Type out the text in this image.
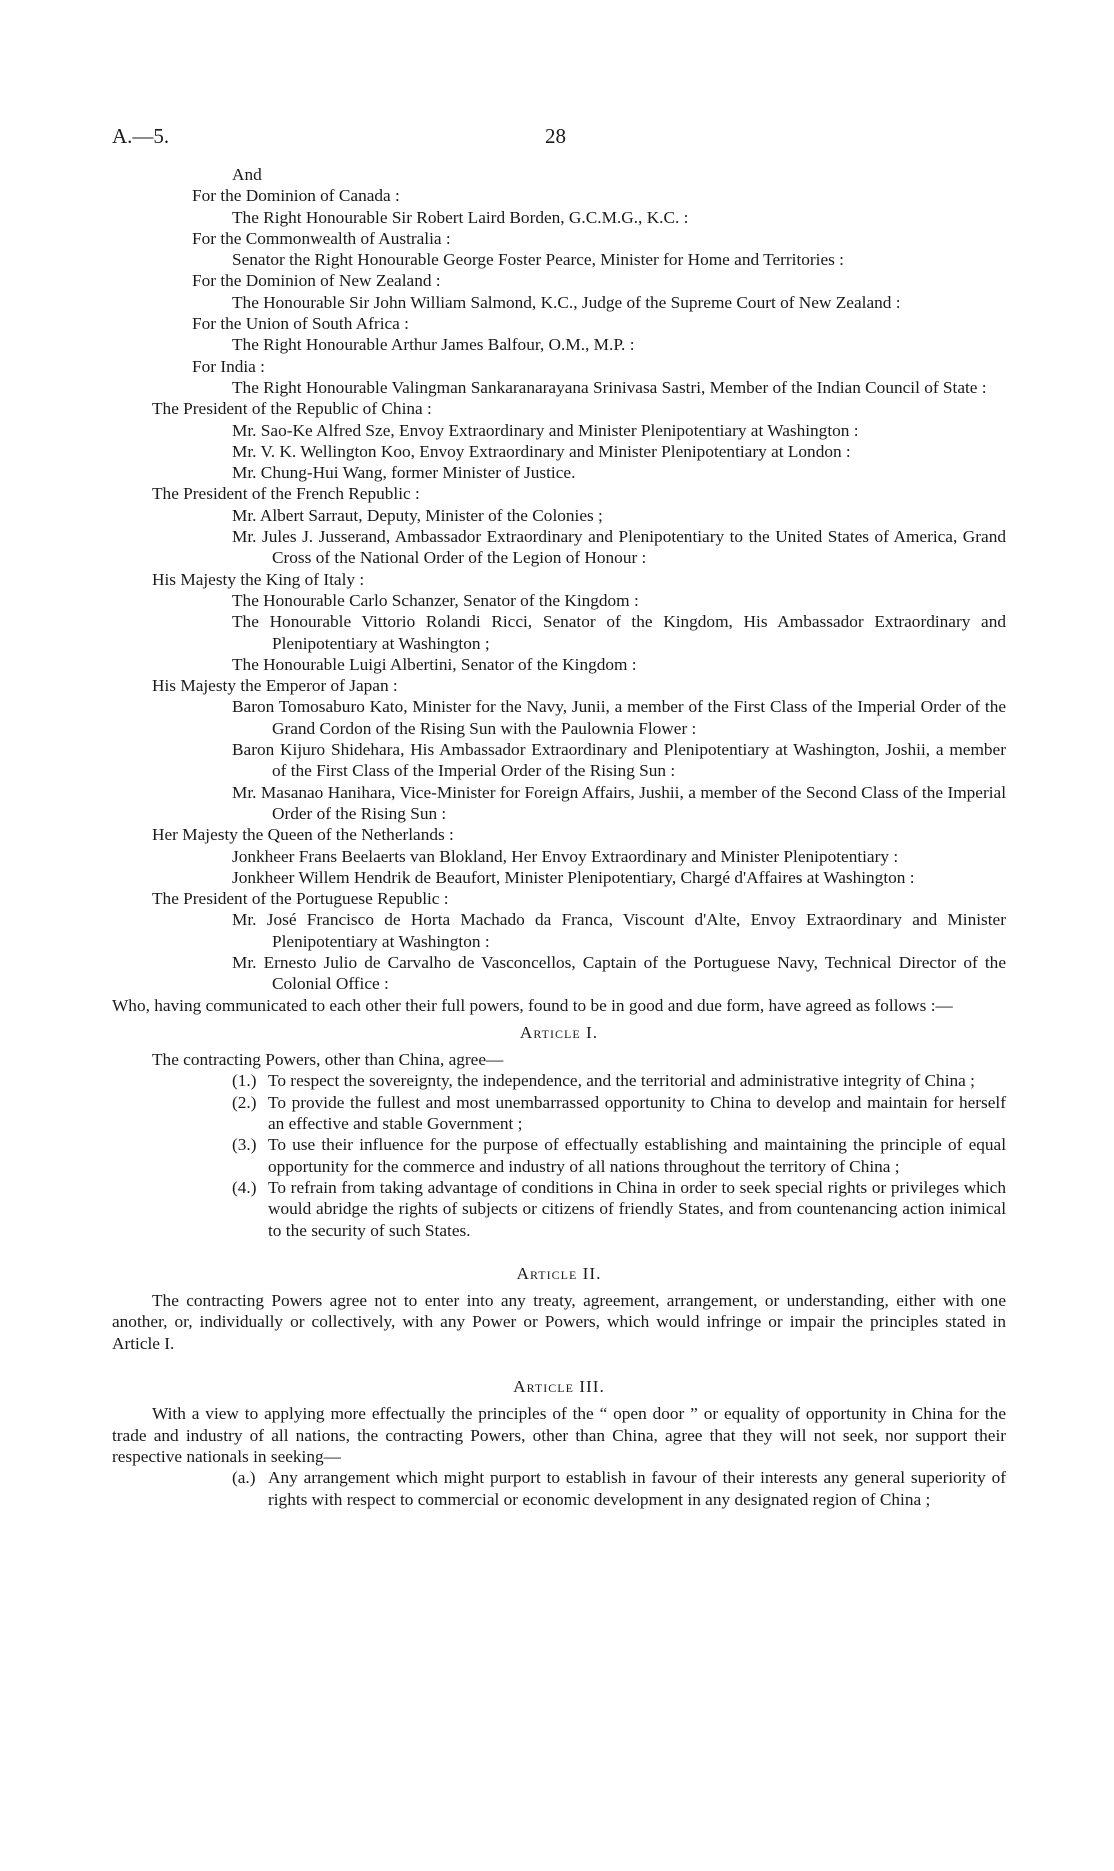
A.—5.	28

And

For the Dominion of Canada :

The Right Honourable Sir Robert Laird Borden, G.C.M.G., K.C. :

For the Commonwealth of Australia :

Senator the Right Honourable George Foster Pearce, Minister for Home and Territories :

For the Dominion of New Zealand :

The Honourable Sir John William Salmond, K.C., Judge of the Supreme Court of New Zealand :

For the Union of South Africa :

The Right Honourable Arthur James Balfour, O.M., M.P. :

For India :

The Right Honourable Valingman Sankaranarayana Srinivasa Sastri, Member of the Indian Council of State :

The President of the Republic of China :

Mr. Sao-Ke Alfred Sze, Envoy Extraordinary and Minister Plenipotentiary at Washington :

Mr. V. K. Wellington Koo, Envoy Extraordinary and Minister Plenipotentiary at London :

Mr. Chung-Hui Wang, former Minister of Justice.

The President of the French Republic :

Mr. Albert Sarraut, Deputy, Minister of the Colonies ;

Mr. Jules J. Jusserand, Ambassador Extraordinary and Plenipotentiary to the United States of America, Grand Cross of the National Order of the Legion of Honour :

His Majesty the King of Italy :

The Honourable Carlo Schanzer, Senator of the Kingdom :

The Honourable Vittorio Rolandi Ricci, Senator of the Kingdom, His Ambassador Extraordinary and Plenipotentiary at Washington ;

The Honourable Luigi Albertini, Senator of the Kingdom :

His Majesty the Emperor of Japan :

Baron Tomosaburo Kato, Minister for the Navy, Junii, a member of the First Class of the Imperial Order of the Grand Cordon of the Rising Sun with the Paulownia Flower :

Baron Kijuro Shidehara, His Ambassador Extraordinary and Plenipotentiary at Washington, Joshii, a member of the First Class of the Imperial Order of the Rising Sun :

Mr. Masanao Hanihara, Vice-Minister for Foreign Affairs, Jushii, a member of the Second Class of the Imperial Order of the Rising Sun :

Her Majesty the Queen of the Netherlands :

Jonkheer Frans Beelaerts van Blokland, Her Envoy Extraordinary and Minister Plenipotentiary :

Jonkheer Willem Hendrik de Beaufort, Minister Plenipotentiary, Chargé d'Affaires at Washington :

The President of the Portuguese Republic :

Mr. José Francisco de Horta Machado da Franca, Viscount d'Alte, Envoy Extraordinary and Minister Plenipotentiary at Washington :

Mr. Ernesto Julio de Carvalho de Vasconcellos, Captain of the Portuguese Navy, Technical Director of the Colonial Office :

Who, having communicated to each other their full powers, found to be in good and due form, have agreed as follows :—

Article I.

The contracting Powers, other than China, agree—

(1.) To respect the sovereignty, the independence, and the territorial and administrative integrity of China ;

(2.) To provide the fullest and most unembarrassed opportunity to China to develop and maintain for herself an effective and stable Government ;

(3.) To use their influence for the purpose of effectually establishing and maintaining the principle of equal opportunity for the commerce and industry of all nations throughout the territory of China ;

(4.) To refrain from taking advantage of conditions in China in order to seek special rights or privileges which would abridge the rights of subjects or citizens of friendly States, and from countenancing action inimical to the security of such States.

Article II.

The contracting Powers agree not to enter into any treaty, agreement, arrangement, or understanding, either with one another, or, individually or collectively, with any Power or Powers, which would infringe or impair the principles stated in Article I.

Article III.

With a view to applying more effectually the principles of the “ open door ” or equality of opportunity in China for the trade and industry of all nations, the contracting Powers, other than China, agree that they will not seek, nor support their respective nationals in seeking—

(a.) Any arrangement which might purport to establish in favour of their interests any general superiority of rights with respect to commercial or economic development in any designated region of China ;
